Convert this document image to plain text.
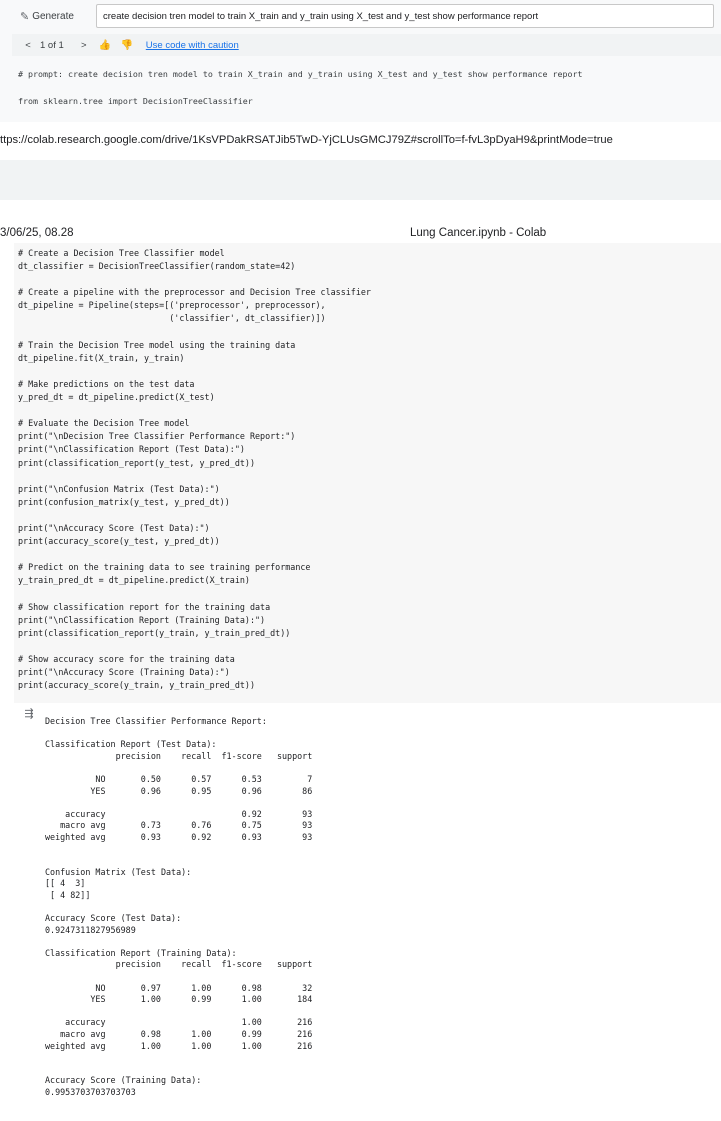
✎ Generate
create decision tren model to train X_train and y_train using X_test and y_test show performance report
< 1 of 1	>	👍 👎 Use code with caution
# prompt: create decision tren model to train X_train and y_train using X_test and y_test show performance report
from sklearn.tree import DecisionTreeClassifier
ttps://colab.research.google.com/drive/1KsVPDakRSATJib5TwD-YjCLUsGMCJ79Z#scrollTo=f-fvL3pDyaH9&printMode=true
3/06/25, 08.28	Lung Cancer.ipynb - Colab
# Create a Decision Tree Classifier model
dt_classifier = DecisionTreeClassifier(random_state=42)

# Create a pipeline with the preprocessor and Decision Tree classifier
dt_pipeline = Pipeline(steps=[('preprocessor', preprocessor),
('classifier', dt_classifier)])

# Train the Decision Tree model using the training data
dt_pipeline.fit(X_train, y_train)

# Make predictions on the test data
y_pred_dt = dt_pipeline.predict(X_test)

# Evaluate the Decision Tree model
print("\nDecision Tree Classifier Performance Report:")
print("\nClassification Report (Test Data):")
print(classification_report(y_test, y_pred_dt))

print("\nConfusion Matrix (Test Data):")
print(confusion_matrix(y_test, y_pred_dt))

print("\nAccuracy Score (Test Data):")
print(accuracy_score(y_test, y_pred_dt))

# Predict on the training data to see training performance
y_train_pred_dt = dt_pipeline.predict(X_train)

# Show classification report for the training data
print("\nClassification Report (Training Data):")
print(classification_report(y_train, y_train_pred_dt))

# Show accuracy score for the training data
print("\nAccuracy Score (Training Data):")
print(accuracy_score(y_train, y_train_pred_dt))
⇶
Decision Tree Classifier Performance Report:

Classification Report (Test Data):
precision    recall  f1-score   support

NO       0.50      0.57      0.53         7
YES       0.96      0.95      0.96        86

accuracy                           0.92        93
macro avg       0.73      0.76      0.75        93
weighted avg       0.93      0.92      0.93        93

Confusion Matrix (Test Data):
[[ 4  3]
[ 4 82]]

Accuracy Score (Test Data):
0.9247311827956989

Classification Report (Training Data):
precision    recall  f1-score   support

NO       0.97      1.00      0.98        32
YES       1.00      0.99      1.00       184

accuracy                           1.00       216
macro avg       0.98      1.00      0.99       216
weighted avg       1.00      1.00      1.00       216

Accuracy Score (Training Data):
0.9953703703703703
